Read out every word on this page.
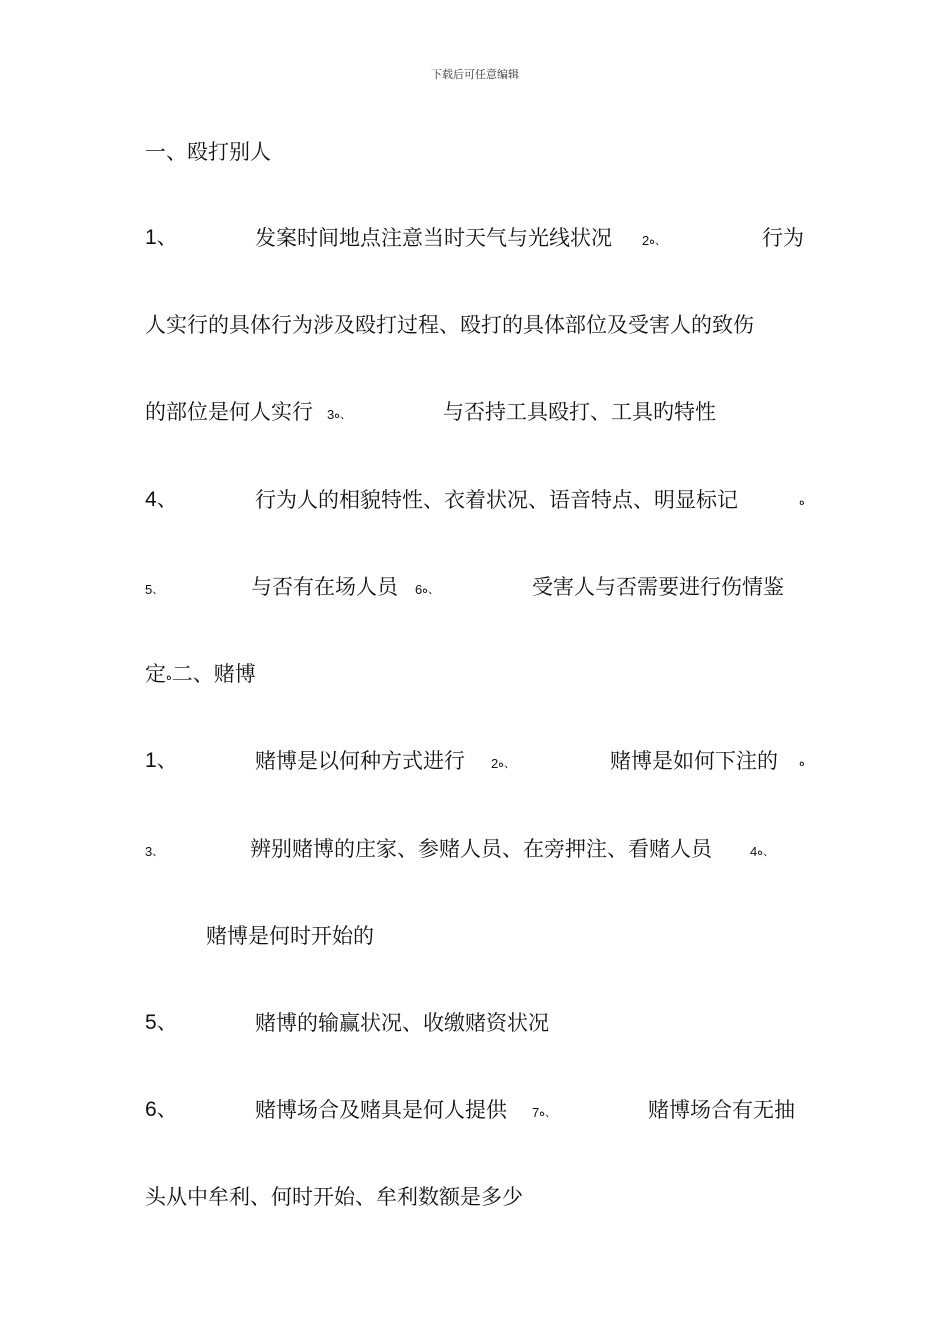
下载后可任意编辑
一、殴打别人
1、	发案时间地点注意当时天气与光线状况 2ه、	行为
人实行的具体行为涉及殴打过程、殴打的具体部位及受害人的致伤
的部位是何人实行 3ه、	与否持工具殴打、工具旳特性
4、	行为人的相貌特性、衣着状况、语音特点、明显标记	ه
5、	与否有在场人员 6ه、	受害人与否需要进行伤情鉴
定ه二、赌博
1、	赌博是以何种方式进行 2ه、	赌博是如何下注的 ه
3、	辨别赌博的庄家、参赌人员、在旁押注、看赌人员	4ه、
赌博是何时开始的
5、	赌博的输赢状况、收缴赌资状况
6、	赌博场合及赌具是何人提供 7ه、	赌博场合有无抽
头从中牟利、何时开始、牟利数额是多少
